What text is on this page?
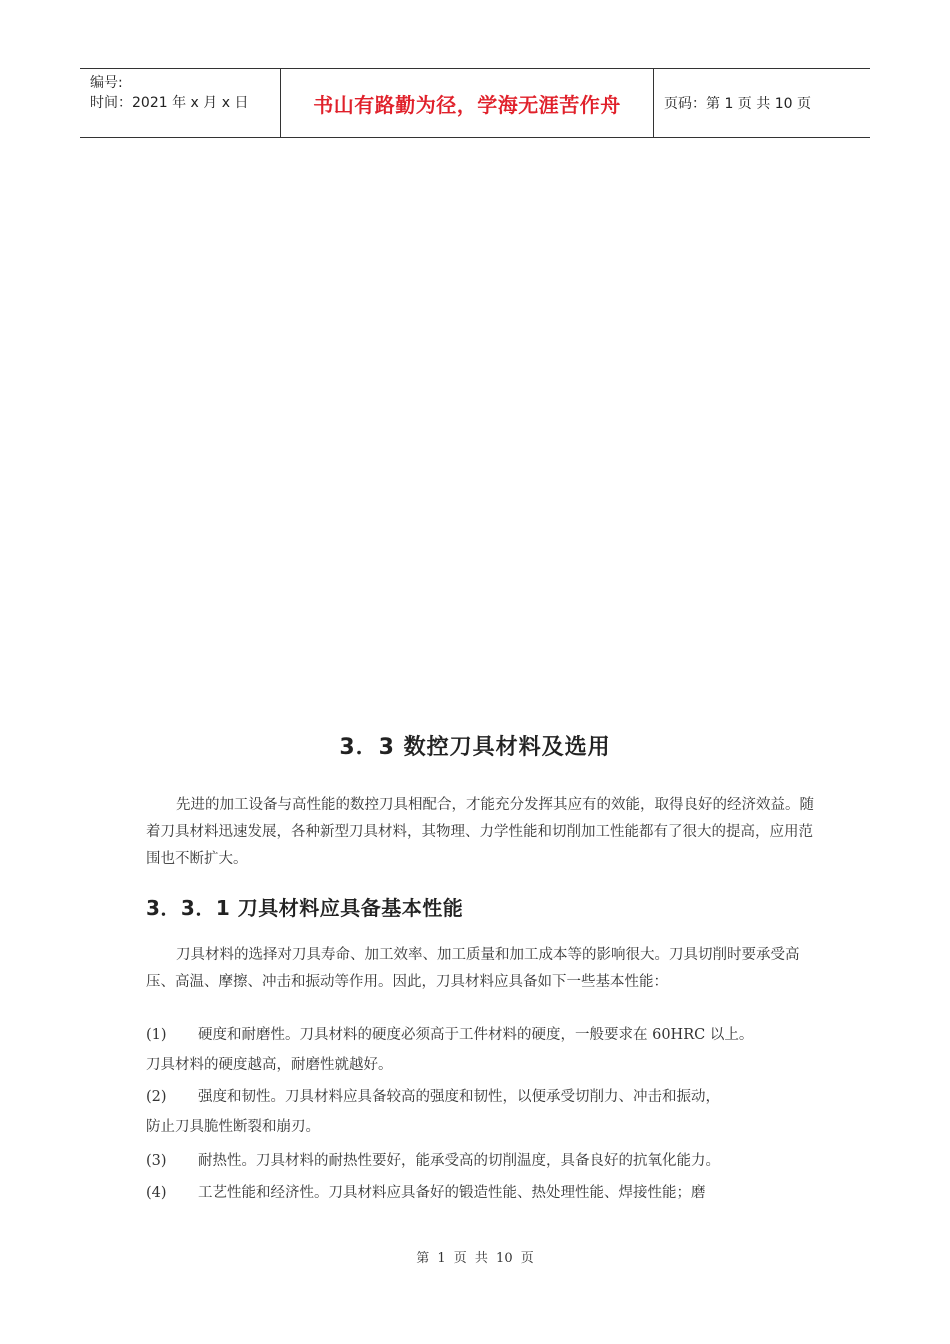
编号:
时间：2021 年 x 月 x 日	书山有路勤为径，学海无涯苦作舟	页码：第 1 页 共 10 页
3．3 数控刀具材料及选用
先进的加工设备与高性能的数控刀具相配合，才能充分发挥其应有的效能，取得良好的经济效益。随着刀具材料迅速发展，各种新型刀具材料，其物理、力学性能和切削加工性能都有了很大的提高，应用范围也不断扩大。
3．3．1 刀具材料应具备基本性能
刀具材料的选择对刀具寿命、加工效率、加工质量和加工成本等的影响很大。刀具切削时要承受高压、高温、摩擦、冲击和振动等作用。因此，刀具材料应具备如下一些基本性能：
(1) 硬度和耐磨性。刀具材料的硬度必须高于工件材料的硬度，一般要求在 60HRC 以上。
刀具材料的硬度越高，耐磨性就越好。
(2) 强度和韧性。刀具材料应具备较高的强度和韧性，以便承受切削力、冲击和振动，
防止刀具脆性断裂和崩刃。
(3) 耐热性。刀具材料的耐热性要好，能承受高的切削温度，具备良好的抗氧化能力。
(4) 工艺性能和经济性。刀具材料应具备好的锻造性能、热处理性能、焊接性能；磨
第 1 页 共 10 页
